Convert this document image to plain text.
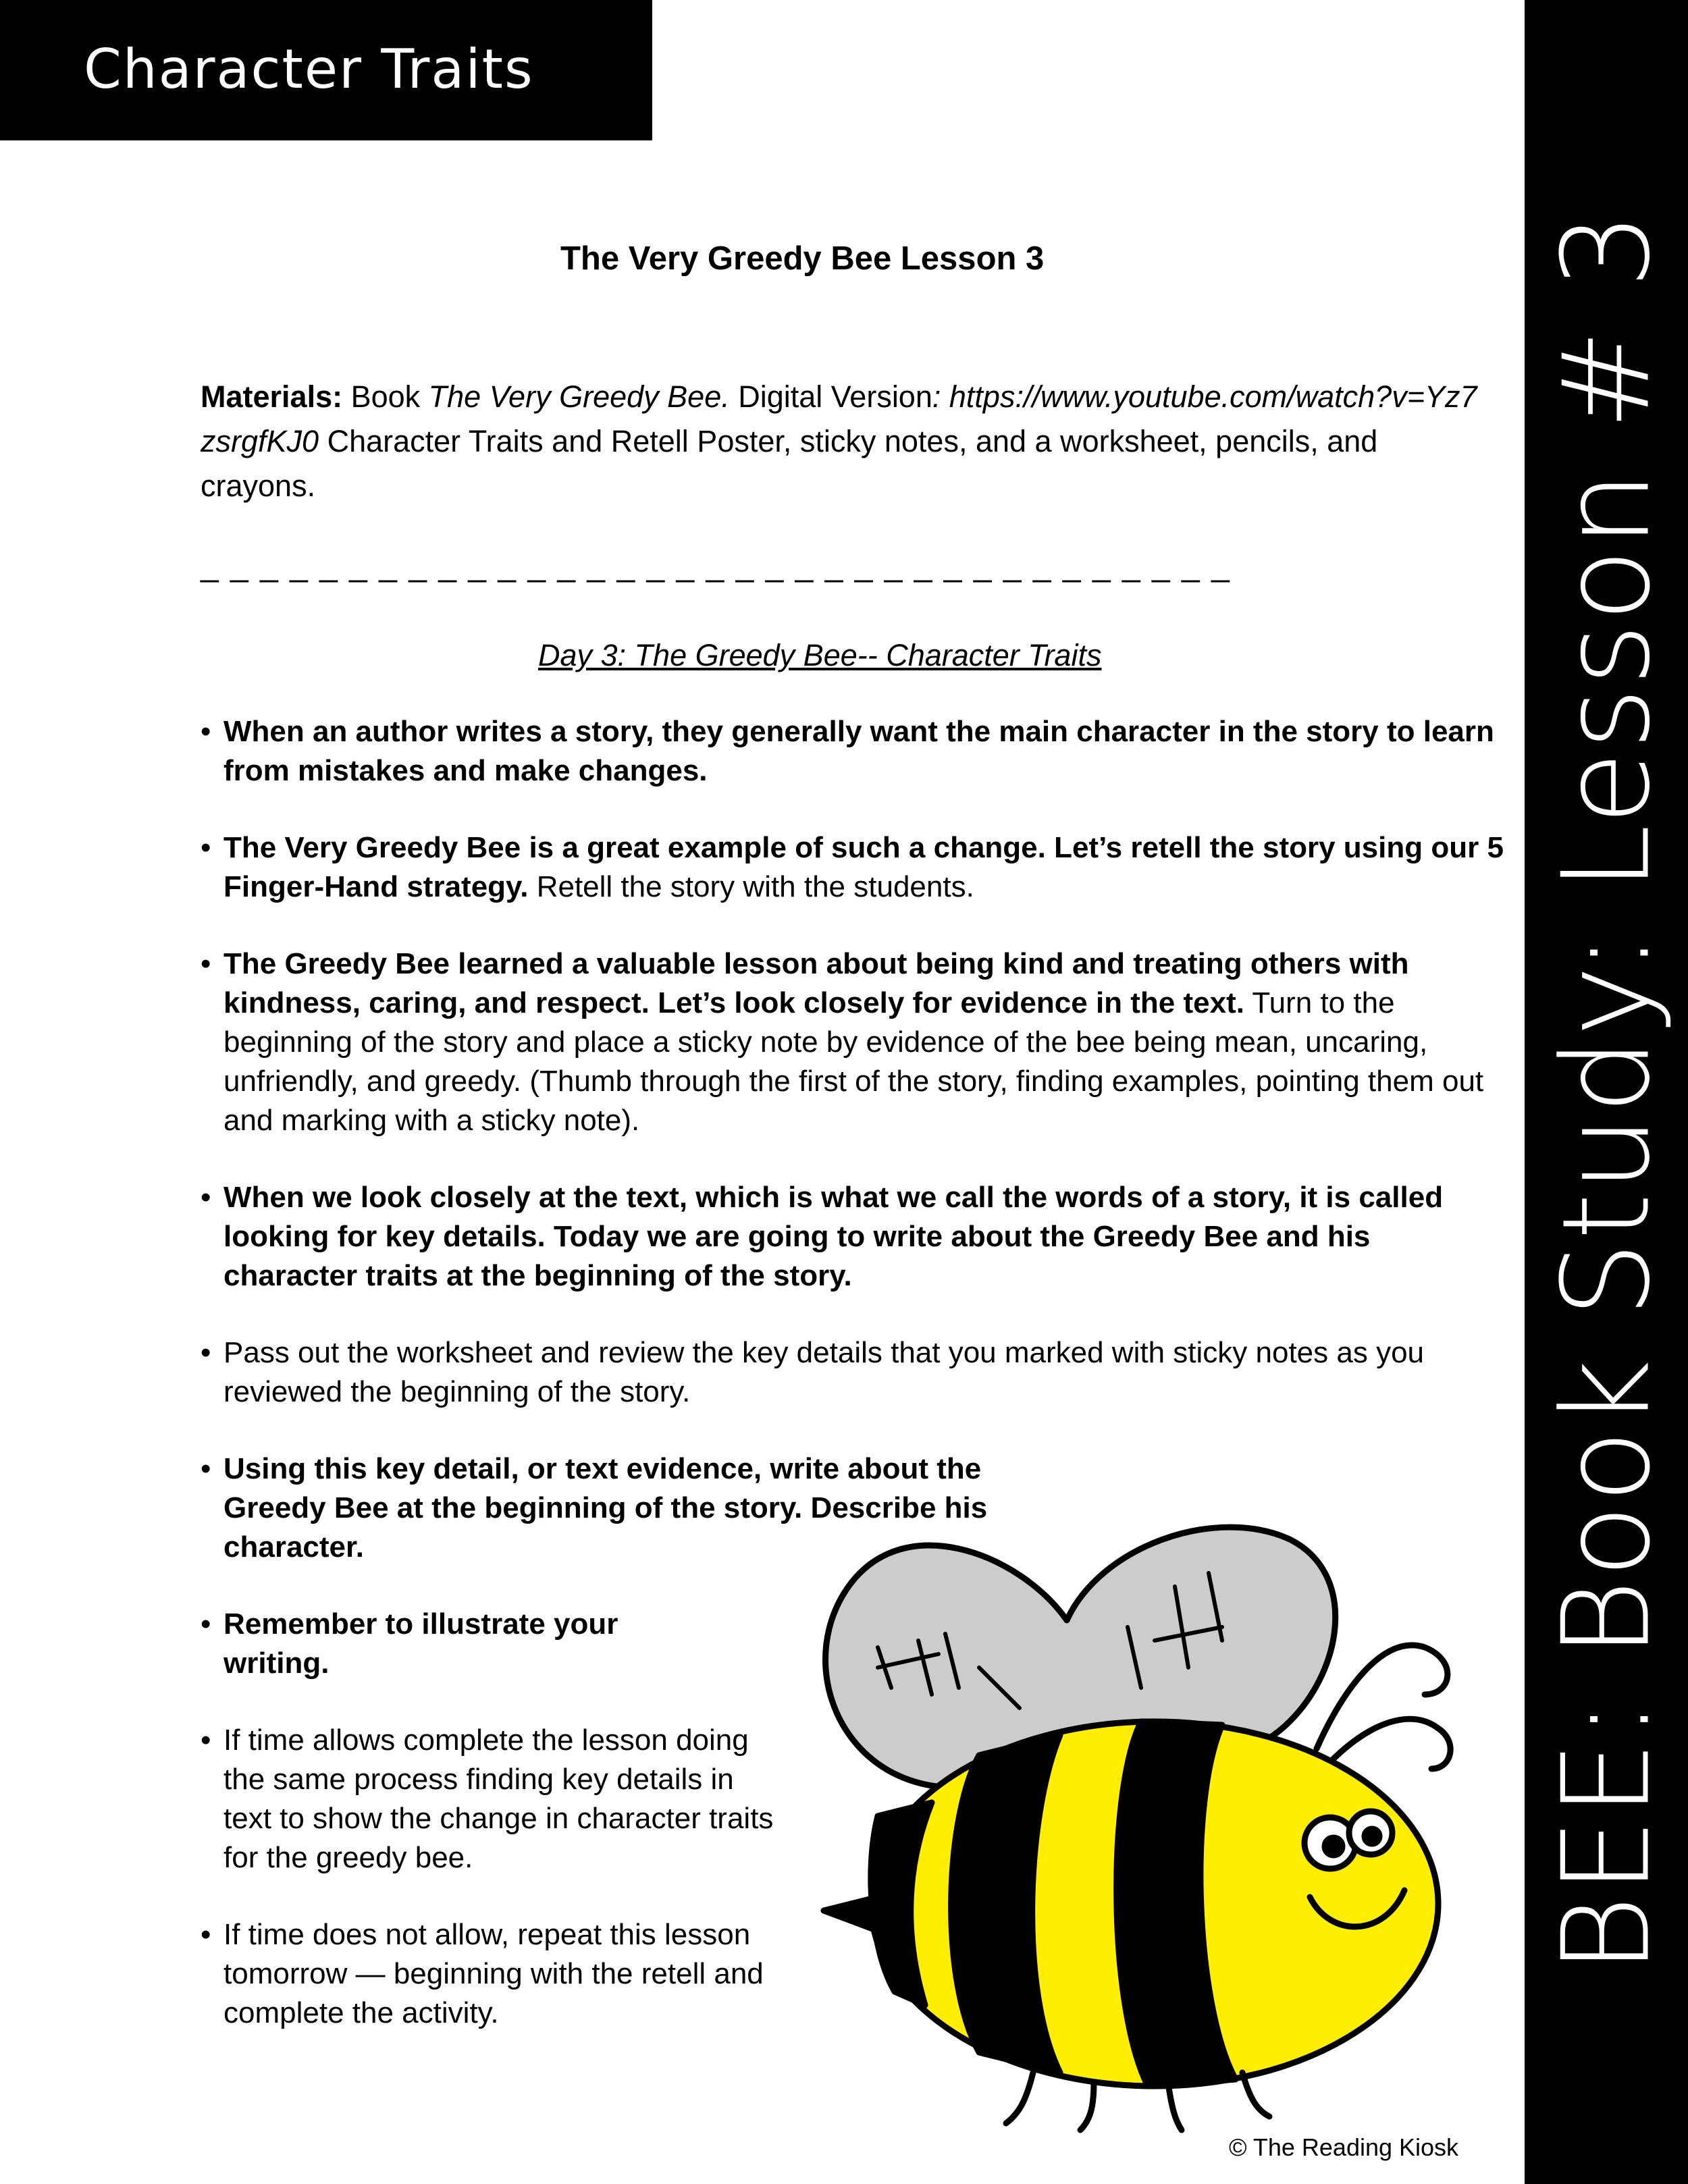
Character Traits
BEE: Book Study: Lesson # 3
The Very Greedy Bee Lesson 3
Materials: Book The Very Greedy Bee. Digital Version: https://www.youtube.com/watch?v=Yz7zsrgfKJ0 Character Traits and Retell Poster, sticky notes, and a worksheet, pencils, and crayons.
_ _ _ _ _ _ _ _ _ _ _ _ _ _ _ _ _ _ _ _ _ _ _ _ _ _ _ _ _ _ _ _ _ _ _
Day 3: The Greedy Bee-- Character Traits
• When an author writes a story, they generally want the main character in the story to learn from mistakes and make changes.
• The Very Greedy Bee is a great example of such a change. Let’s retell the story using our 5 Finger-Hand strategy. Retell the story with the students.
• The Greedy Bee learned a valuable lesson about being kind and treating others with kindness, caring, and respect. Let’s look closely for evidence in the text. Turn to the beginning of the story and place a sticky note by evidence of the bee being mean, uncaring, unfriendly, and greedy. (Thumb through the first of the story, finding examples, pointing them out and marking with a sticky note).
• When we look closely at the text, which is what we call the words of a story, it is called looking for key details. Today we are going to write about the Greedy Bee and his character traits at the beginning of the story.
• Pass out the worksheet and review the key details that you marked with sticky notes as you reviewed the beginning of the story.
• Using this key detail, or text evidence, write about the Greedy Bee at the beginning of the story. Describe his character.
• Remember to illustrate your writing.
• If time allows complete the lesson doing the same process finding key details in text to show the change in character traits for the greedy bee.
• If time does not allow, repeat this lesson tomorrow — beginning with the retell and complete the activity.
© The Reading Kiosk
